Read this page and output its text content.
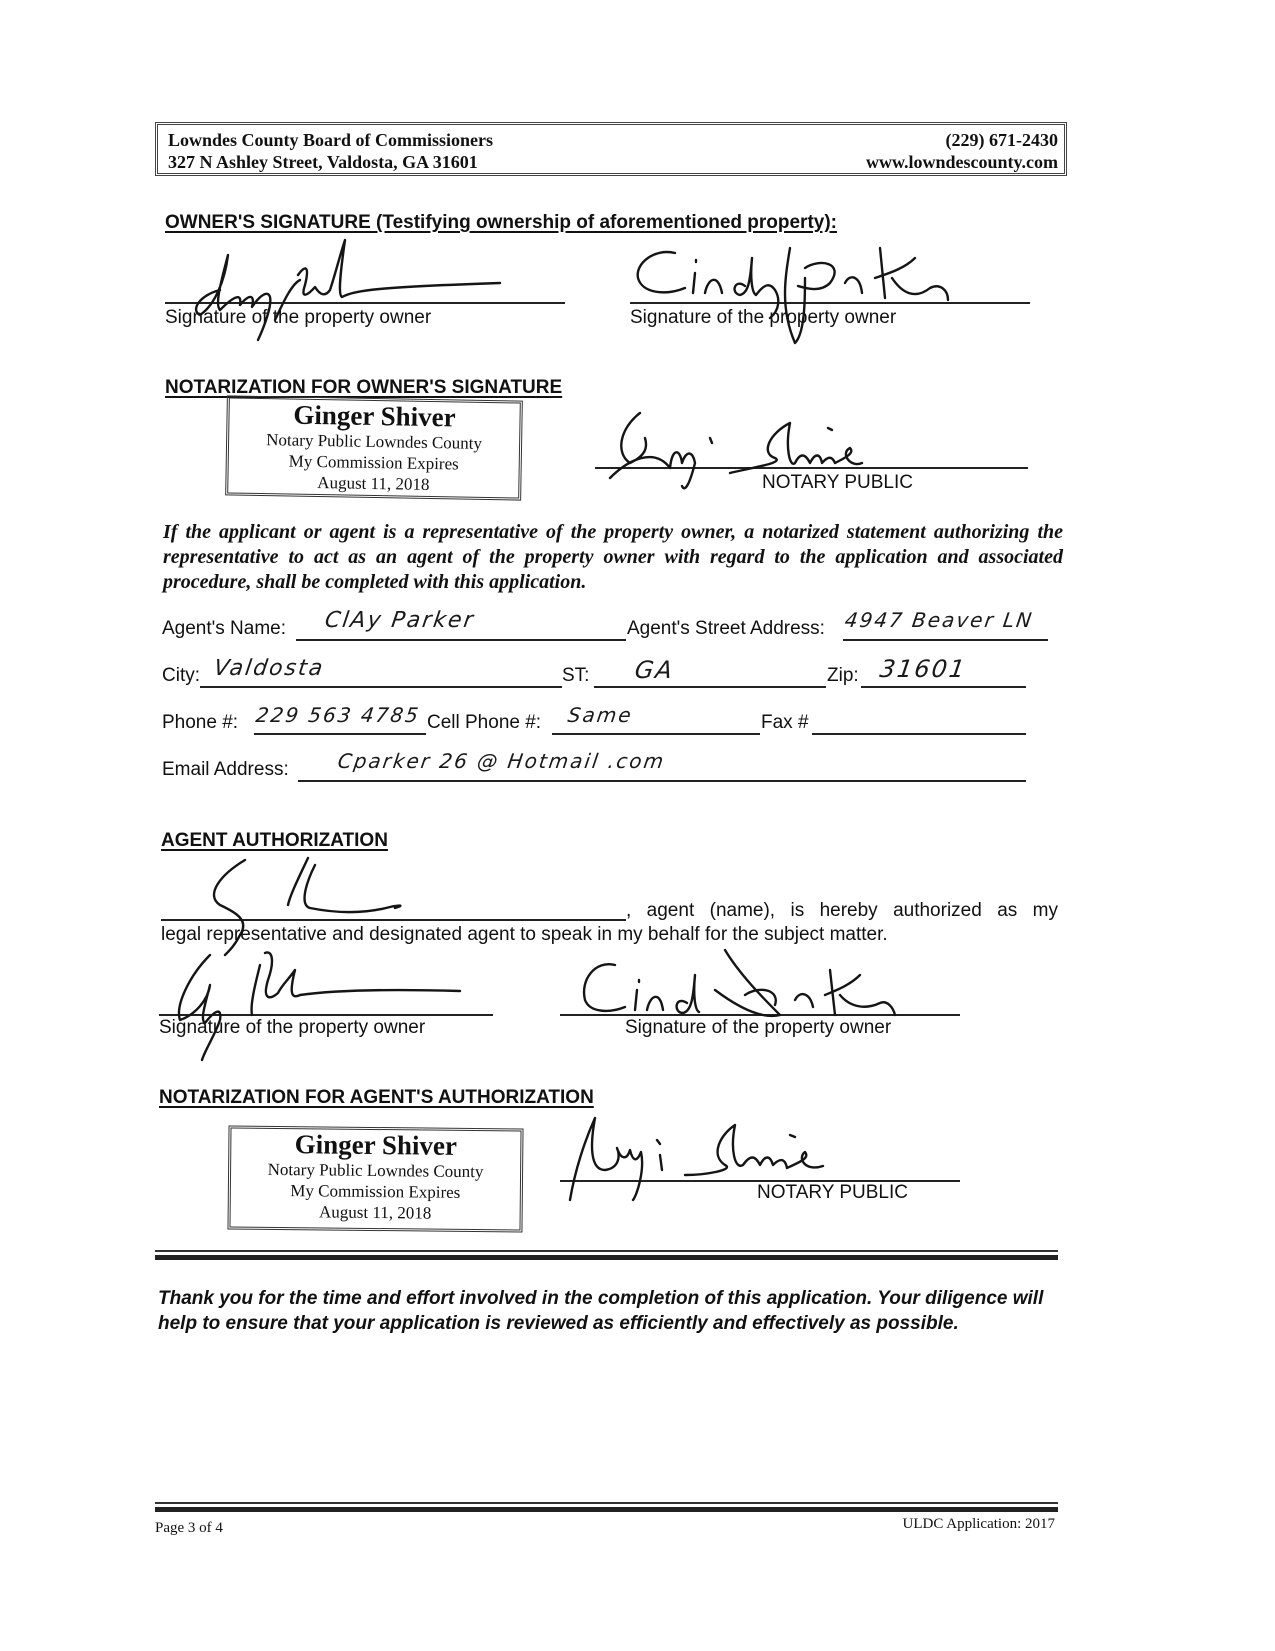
Lowndes County Board of Commissioners
327 N Ashley Street, Valdosta, GA 31601
(229) 671-2430
www.lowndescounty.com
OWNER'S SIGNATURE (Testifying ownership of aforementioned property):
Signature of the property owner	Signature of the property owner
NOTARIZATION FOR OWNER'S SIGNATURE
Ginger Shiver
Notary Public Lowndes County
My Commission Expires
August 11, 2018	NOTARY PUBLIC
If the applicant or agent is a representative of the property owner, a notarized statement authorizing the representative to act as an agent of the property owner with regard to the application and associated procedure, shall be completed with this application.
Agent's Name: ClAy Parker	Agent's Street Address: 4947 Beaver LN
City: Valdosta	ST: GA	Zip: 31601
Phone #: 229 563 4785 Cell Phone #: Same	Fax #
Email Address: Cparker 26 @ Hotmail .com
AGENT AUTHORIZATION
, agent (name), is hereby authorized as my
legal representative and designated agent to speak in my behalf for the subject matter.
Signature of the property owner	Signature of the property owner
NOTARIZATION FOR AGENT'S AUTHORIZATION
Ginger Shiver
Notary Public Lowndes County
My Commission Expires
August 11, 2018
NOTARY PUBLIC
Thank you for the time and effort involved in the completion of this application. Your diligence will help to ensure that your application is reviewed as efficiently and effectively as possible.
Page 3 of 4	ULDC Application: 2017
